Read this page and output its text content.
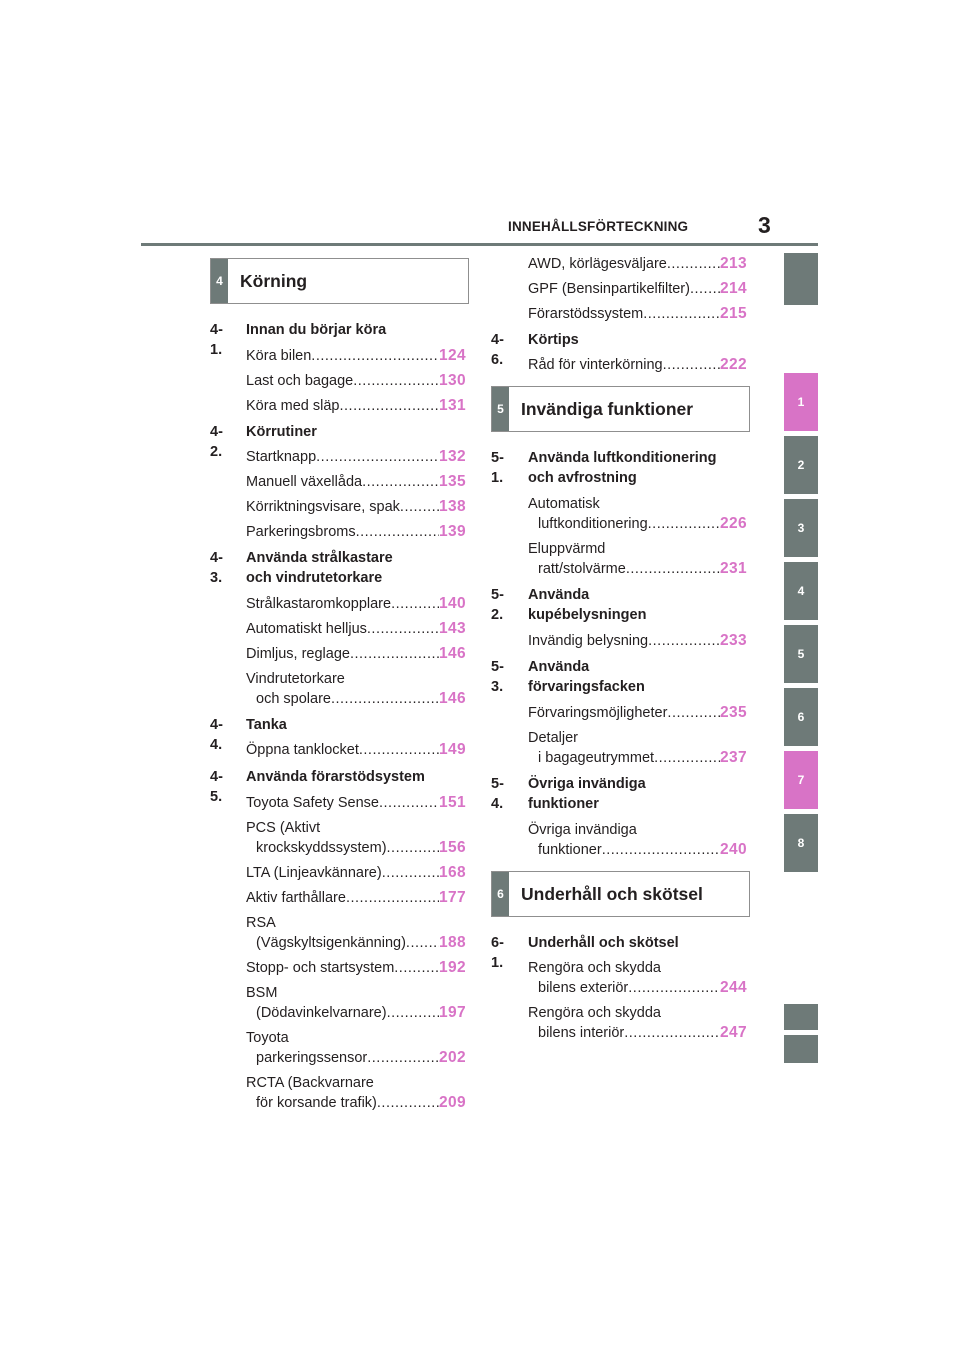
INNEHÅLLSFÖRTECKNING	3
1
2
3
4
5
6
7
8
4 Körning
4-1.
Innan du börjar köra
Köra bilen .....	124
Last och bagage .....	130
Köra med släp .....	131
4-2.
Körrutiner
Startknapp .....	132
Manuell växellåda .....	135
Körriktningsvisare, spak .....	138
Parkeringsbroms .....	139
4-3.
Använda strålkastare
och vindrutetorkare
Strålkastaromkopplare .....	140
Automatiskt helljus .....	143
Dimljus, reglage .....	146
Vindrutetorkare
och spolare .....	146
4-4.
Tanka
Öppna tanklocket .....	149
4-5.
Använda förarstödsystem
Toyota Safety Sense .....	151
PCS (Aktivt
krockskyddssystem) .....	156
LTA (Linjeavkännare) .....	168
Aktiv farthållare .....	177
RSA
(Vägskyltsigenkänning) ..... 188
Stopp- och startsystem .....	192
BSM
(Dödavinkelvarnare) .....	197
Toyota
parkeringssensor .....	202
RCTA (Backvarnare
för korsande trafik) .....	209
AWD, körlägesväljare .....	213
GPF (Bensinpartikelfilter) ..... 214
Förarstödssystem .....	215
4-6.
Körtips
Råd för vinterkörning .....	222
5 Invändiga funktioner
5-1.
Använda luftkonditionering
och avfrostning
Automatisk
luftkonditionering .....	226
Eluppvärmd
ratt/stolvärme .....	231
5-2.
Använda
kupébelysningen
Invändig belysning .....	233
5-3.
Använda
förvaringsfacken
Förvaringsmöjligheter .....	235
Detaljer
i bagageutrymmet .....	237
5-4.
Övriga invändiga
funktioner
Övriga invändiga
funktioner .....	240
6 Underhåll och skötsel
6-1.
Underhåll och skötsel
Rengöra och skydda
bilens exteriör .....	244
Rengöra och skydda
bilens interiör .....	247
